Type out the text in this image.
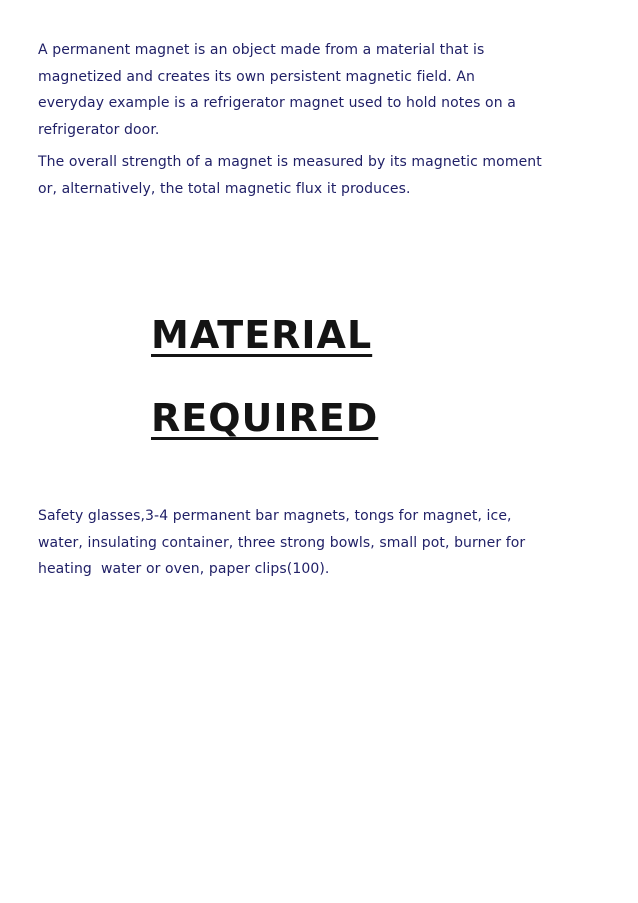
A permanent magnet is an object made from a material that is
magnetized and creates its own persistent magnetic field. An
everyday example is a refrigerator magnet used to hold notes on a
refrigerator door.

The overall strength of a magnet is measured by its magnetic moment
or, alternatively, the total magnetic flux it produces.

MATERIAL
REQUIRED

Safety glasses,3-4 permanent bar magnets, tongs for magnet, ice,
water, insulating container, three strong bowls, small pot, burner for
heating  water or oven, paper clips(100).
